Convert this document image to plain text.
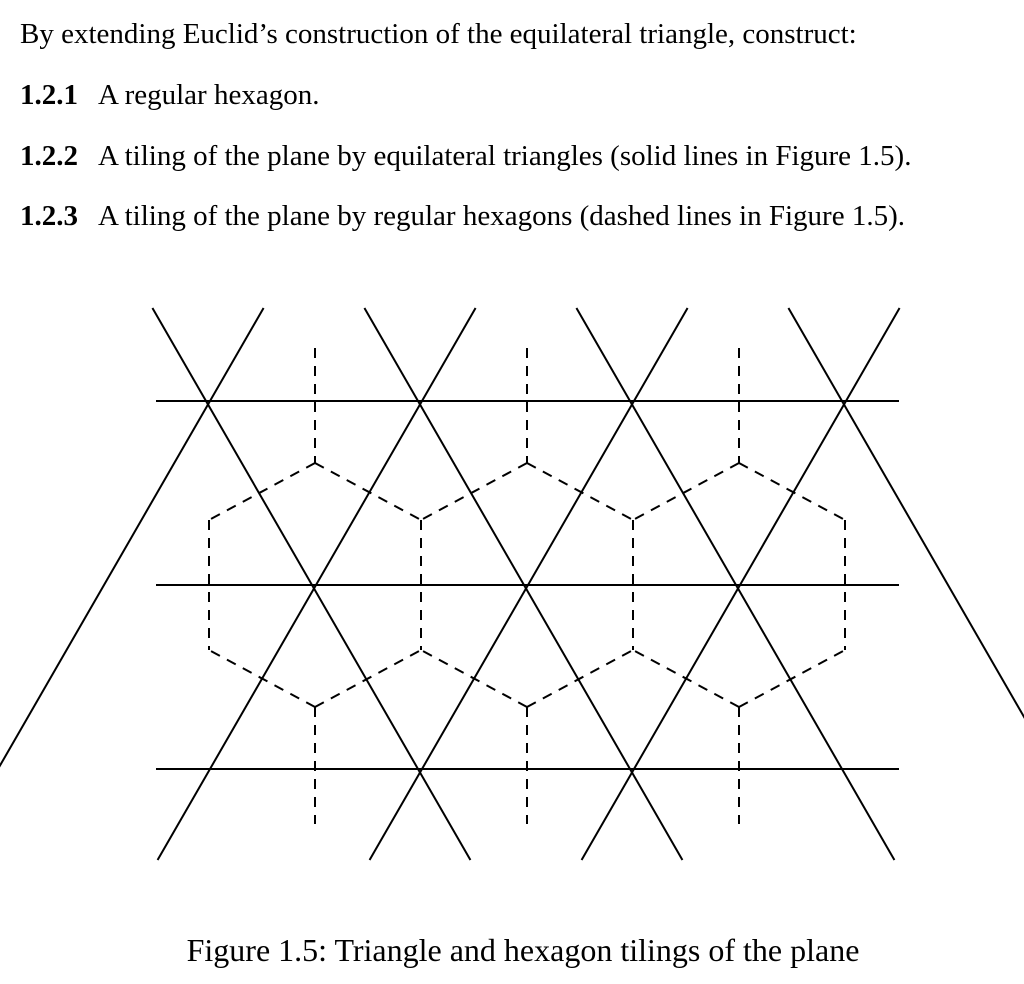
By extending Euclid’s construction of the equilateral triangle, construct:
1.2.1 A regular hexagon.
1.2.2 A tiling of the plane by equilateral triangles (solid lines in Figure 1.5).
1.2.3 A tiling of the plane by regular hexagons (dashed lines in Figure 1.5).
Figure 1.5: Triangle and hexagon tilings of the plane
